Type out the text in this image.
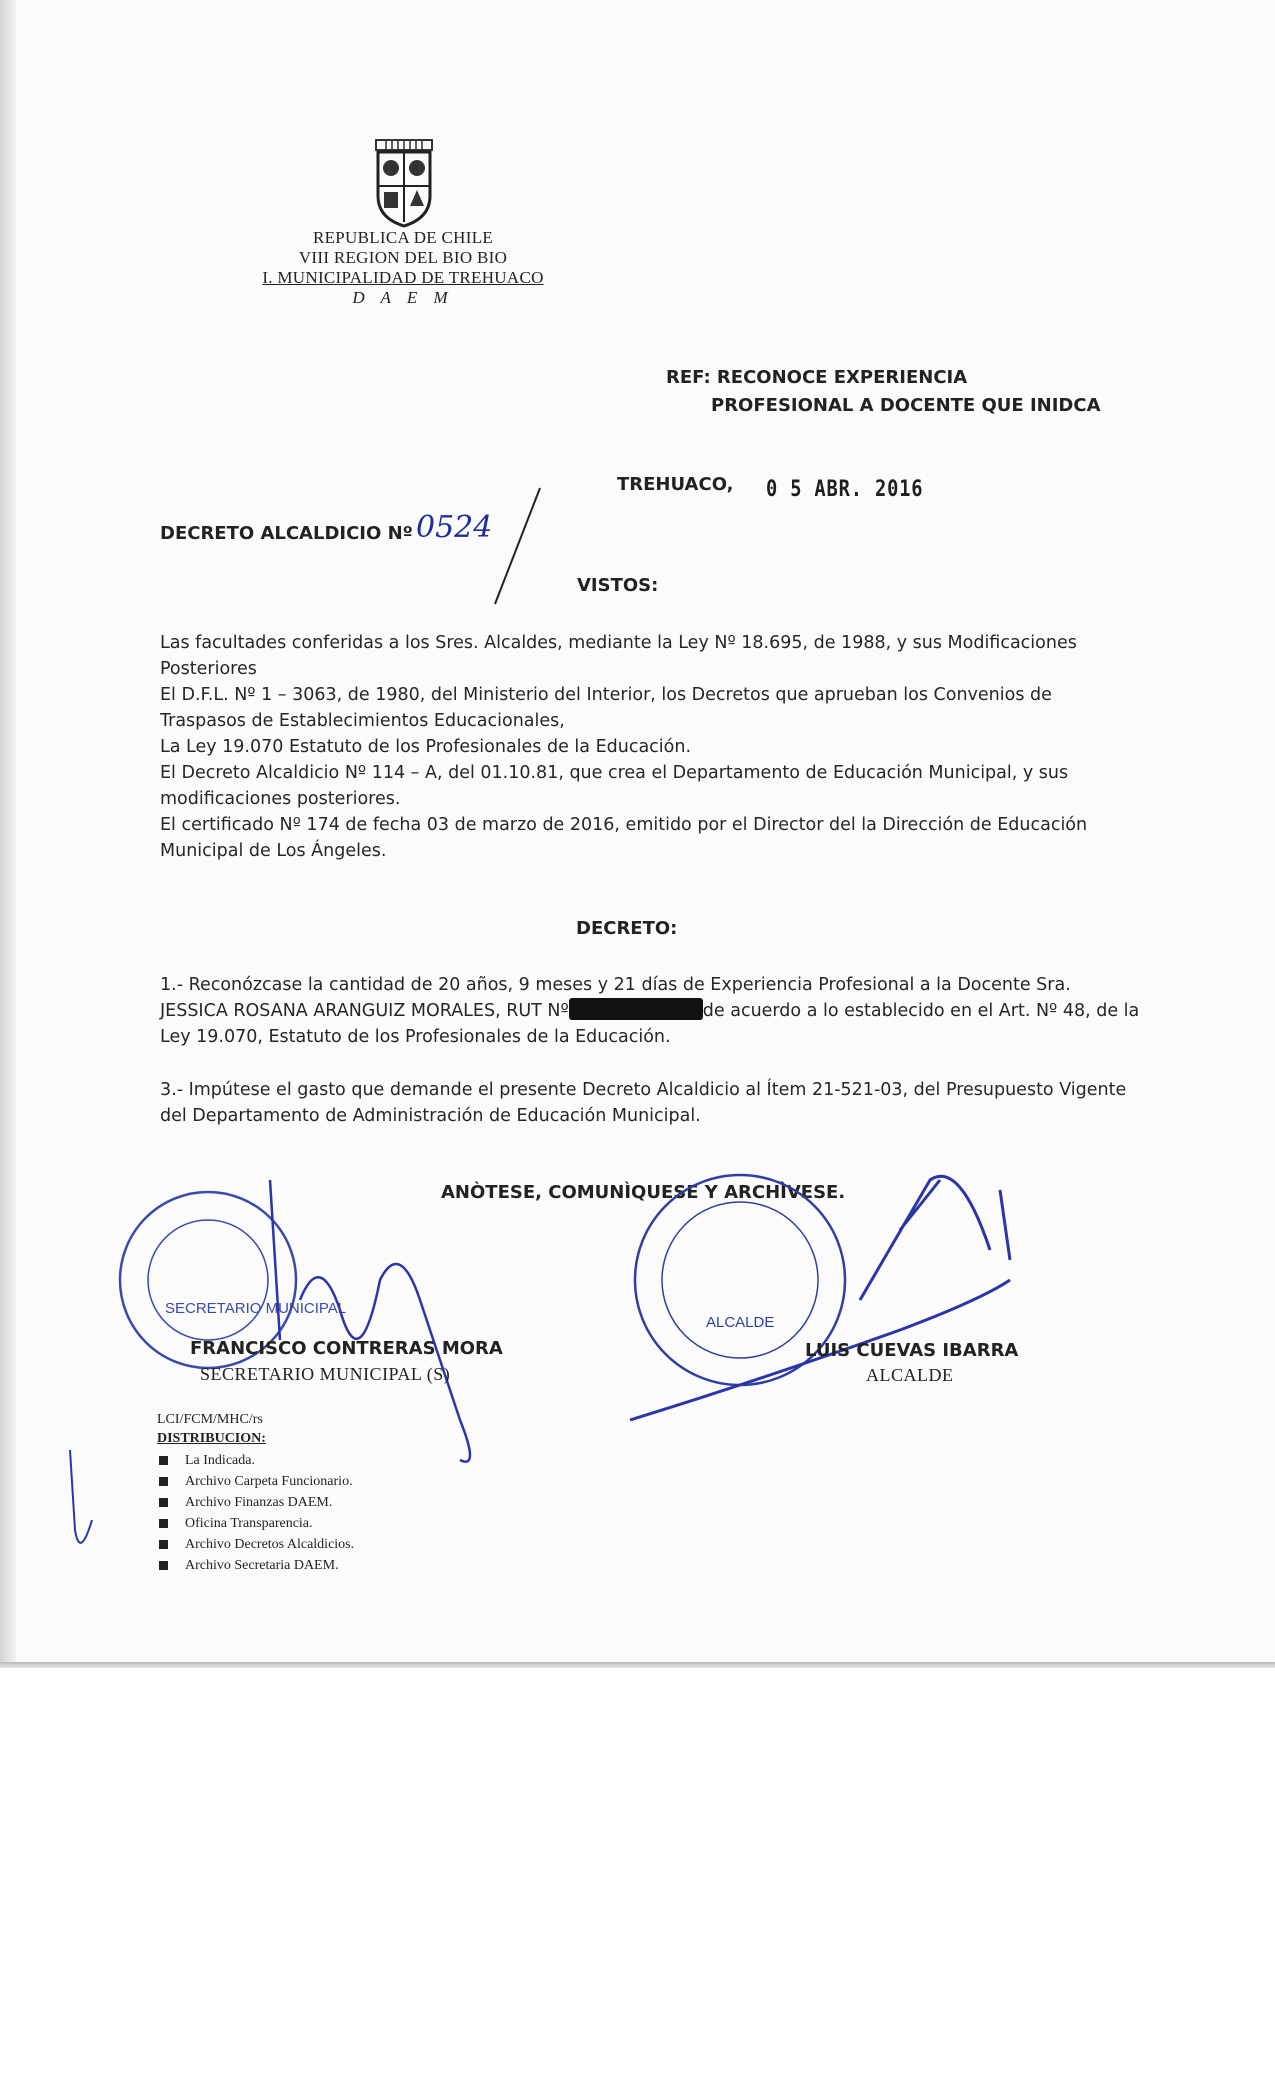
REPUBLICA DE CHILE
VIII REGION DEL BIO BIO
I. MUNICIPALIDAD DE TREHUACO
D A E M
REF: RECONOCE EXPERIENCIA
PROFESIONAL A DOCENTE QUE INIDCA
TREHUACO, 0 5 ABR. 2016
DECRETO ALCALDICIO Nº 0524
VISTOS:

Las facultades conferidas a los Sres. Alcaldes, mediante la Ley Nº 18.695, de 1988, y sus Modificaciones Posteriores

El D.F.L. Nº 1 – 3063, de 1980, del Ministerio del Interior, los Decretos que aprueban los Convenios de Traspasos de Establecimientos Educacionales,

La Ley 19.070 Estatuto de los Profesionales de la Educación.

El Decreto Alcaldicio Nº 114 – A, del 01.10.81, que crea el Departamento de Educación Municipal, y sus modificaciones posteriores.

El certificado Nº 174 de fecha 03 de marzo de 2016, emitido por el Director del la Dirección de Educación Municipal de Los Ángeles.

DECRETO:
1.- Reconózcase la cantidad de 20 años, 9 meses y 21 días de Experiencia Profesional a la Docente Sra. JESSICA ROSANA ARANGUIZ MORALES, RUT Nº	de acuerdo a lo establecido en el Art. Nº 48, de la Ley 19.070, Estatuto de los Profesionales de la Educación.
3.- Impútese el gasto que demande el presente Decreto Alcaldicio al Ítem 21-521-03, del Presupuesto Vigente del Departamento de Administración de Educación Municipal.
ANÒTESE, COMUNÌQUESE Y ARCHÌVESE.
SECRETARIO MUNICIPAL
ALCALDE
FRANCISCO CONTRERAS MORA
SECRETARIO MUNICIPAL (S)
LUIS CUEVAS IBARRA
ALCALDE
LCI/FCM/MHC/rs
DISTRIBUCION:
La Indicada.
Archivo Carpeta Funcionario.
Archivo Finanzas DAEM.
Oficina Transparencia.
Archivo Decretos Alcaldicios.
Archivo Secretaria DAEM.
